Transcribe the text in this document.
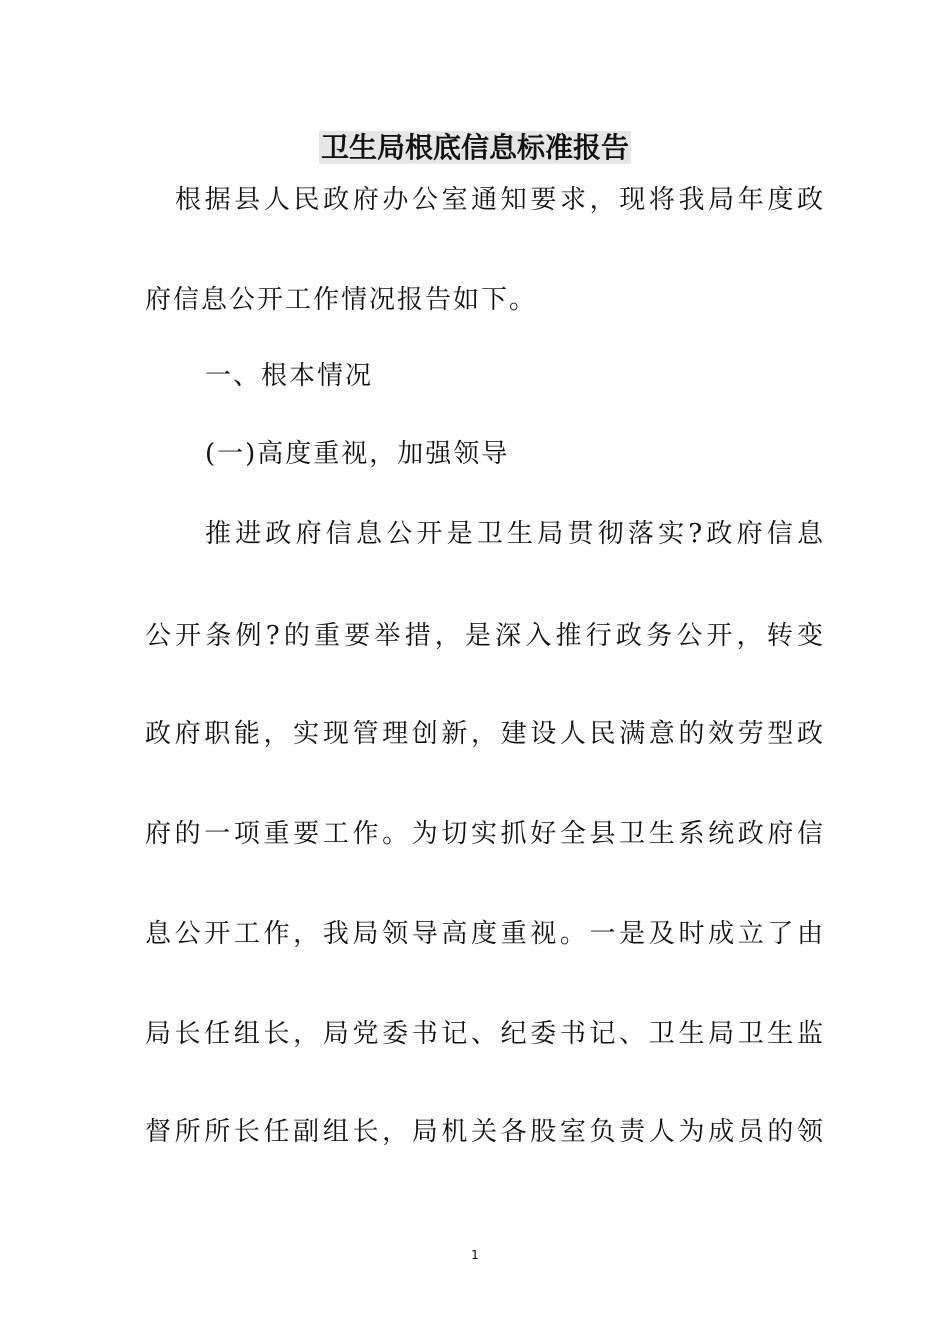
卫生局根底信息标准报告
根据县人民政府办公室通知要求，现将我局年度政
府信息公开工作情况报告如下。
一、根本情况
(一)高度重视，加强领导
推进政府信息公开是卫生局贯彻落实?政府信息
公开条例?的重要举措，是深入推行政务公开，转变
政府职能，实现管理创新，建设人民满意的效劳型政
府的一项重要工作。为切实抓好全县卫生系统政府信
息公开工作，我局领导高度重视。一是及时成立了由
局长任组长，局党委书记、纪委书记、卫生局卫生监
督所所长任副组长，局机关各股室负责人为成员的领
1
